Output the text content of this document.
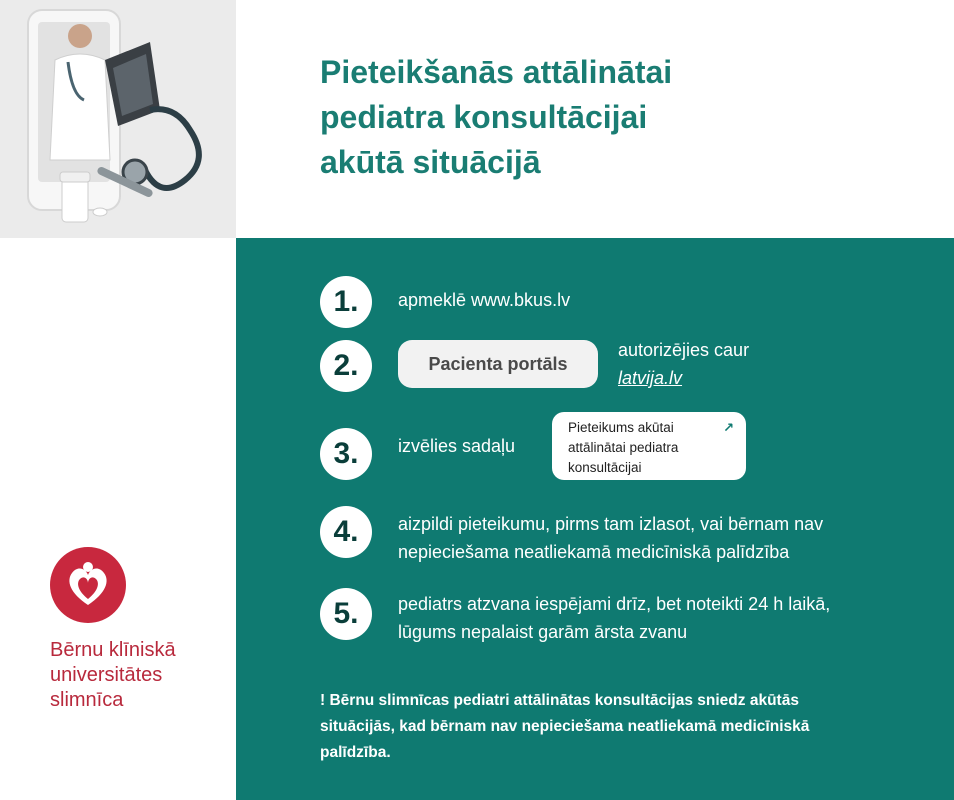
Pieteikšanās attālinātai
pediatra konsultācijai
akūtā situācijā
1.	apmeklē www.bkus.lv
2.	Pacienta portāls
autorizējies caur
latvija.lv
3.	izvēlies sadaļu
Pieteikums akūtai
attālinātai pediatra
konsultācijai
↗
4.	aizpildi pieteikumu, pirms tam izlasot, vai bērnam nav
nepieciešama neatliekamā medicīniskā palīdzība
5.	pediatrs atzvana iespējami drīz, bet noteikti 24 h laikā,
lūgums nepalaist garām ārsta zvanu
! Bērnu slimnīcas pediatri attālinātas konsultācijas sniedz akūtās
situācijās, kad bērnam nav nepieciešama neatliekamā medicīniskā
palīdzība.
Bērnu klīniskā
universitātes
slimnīca
